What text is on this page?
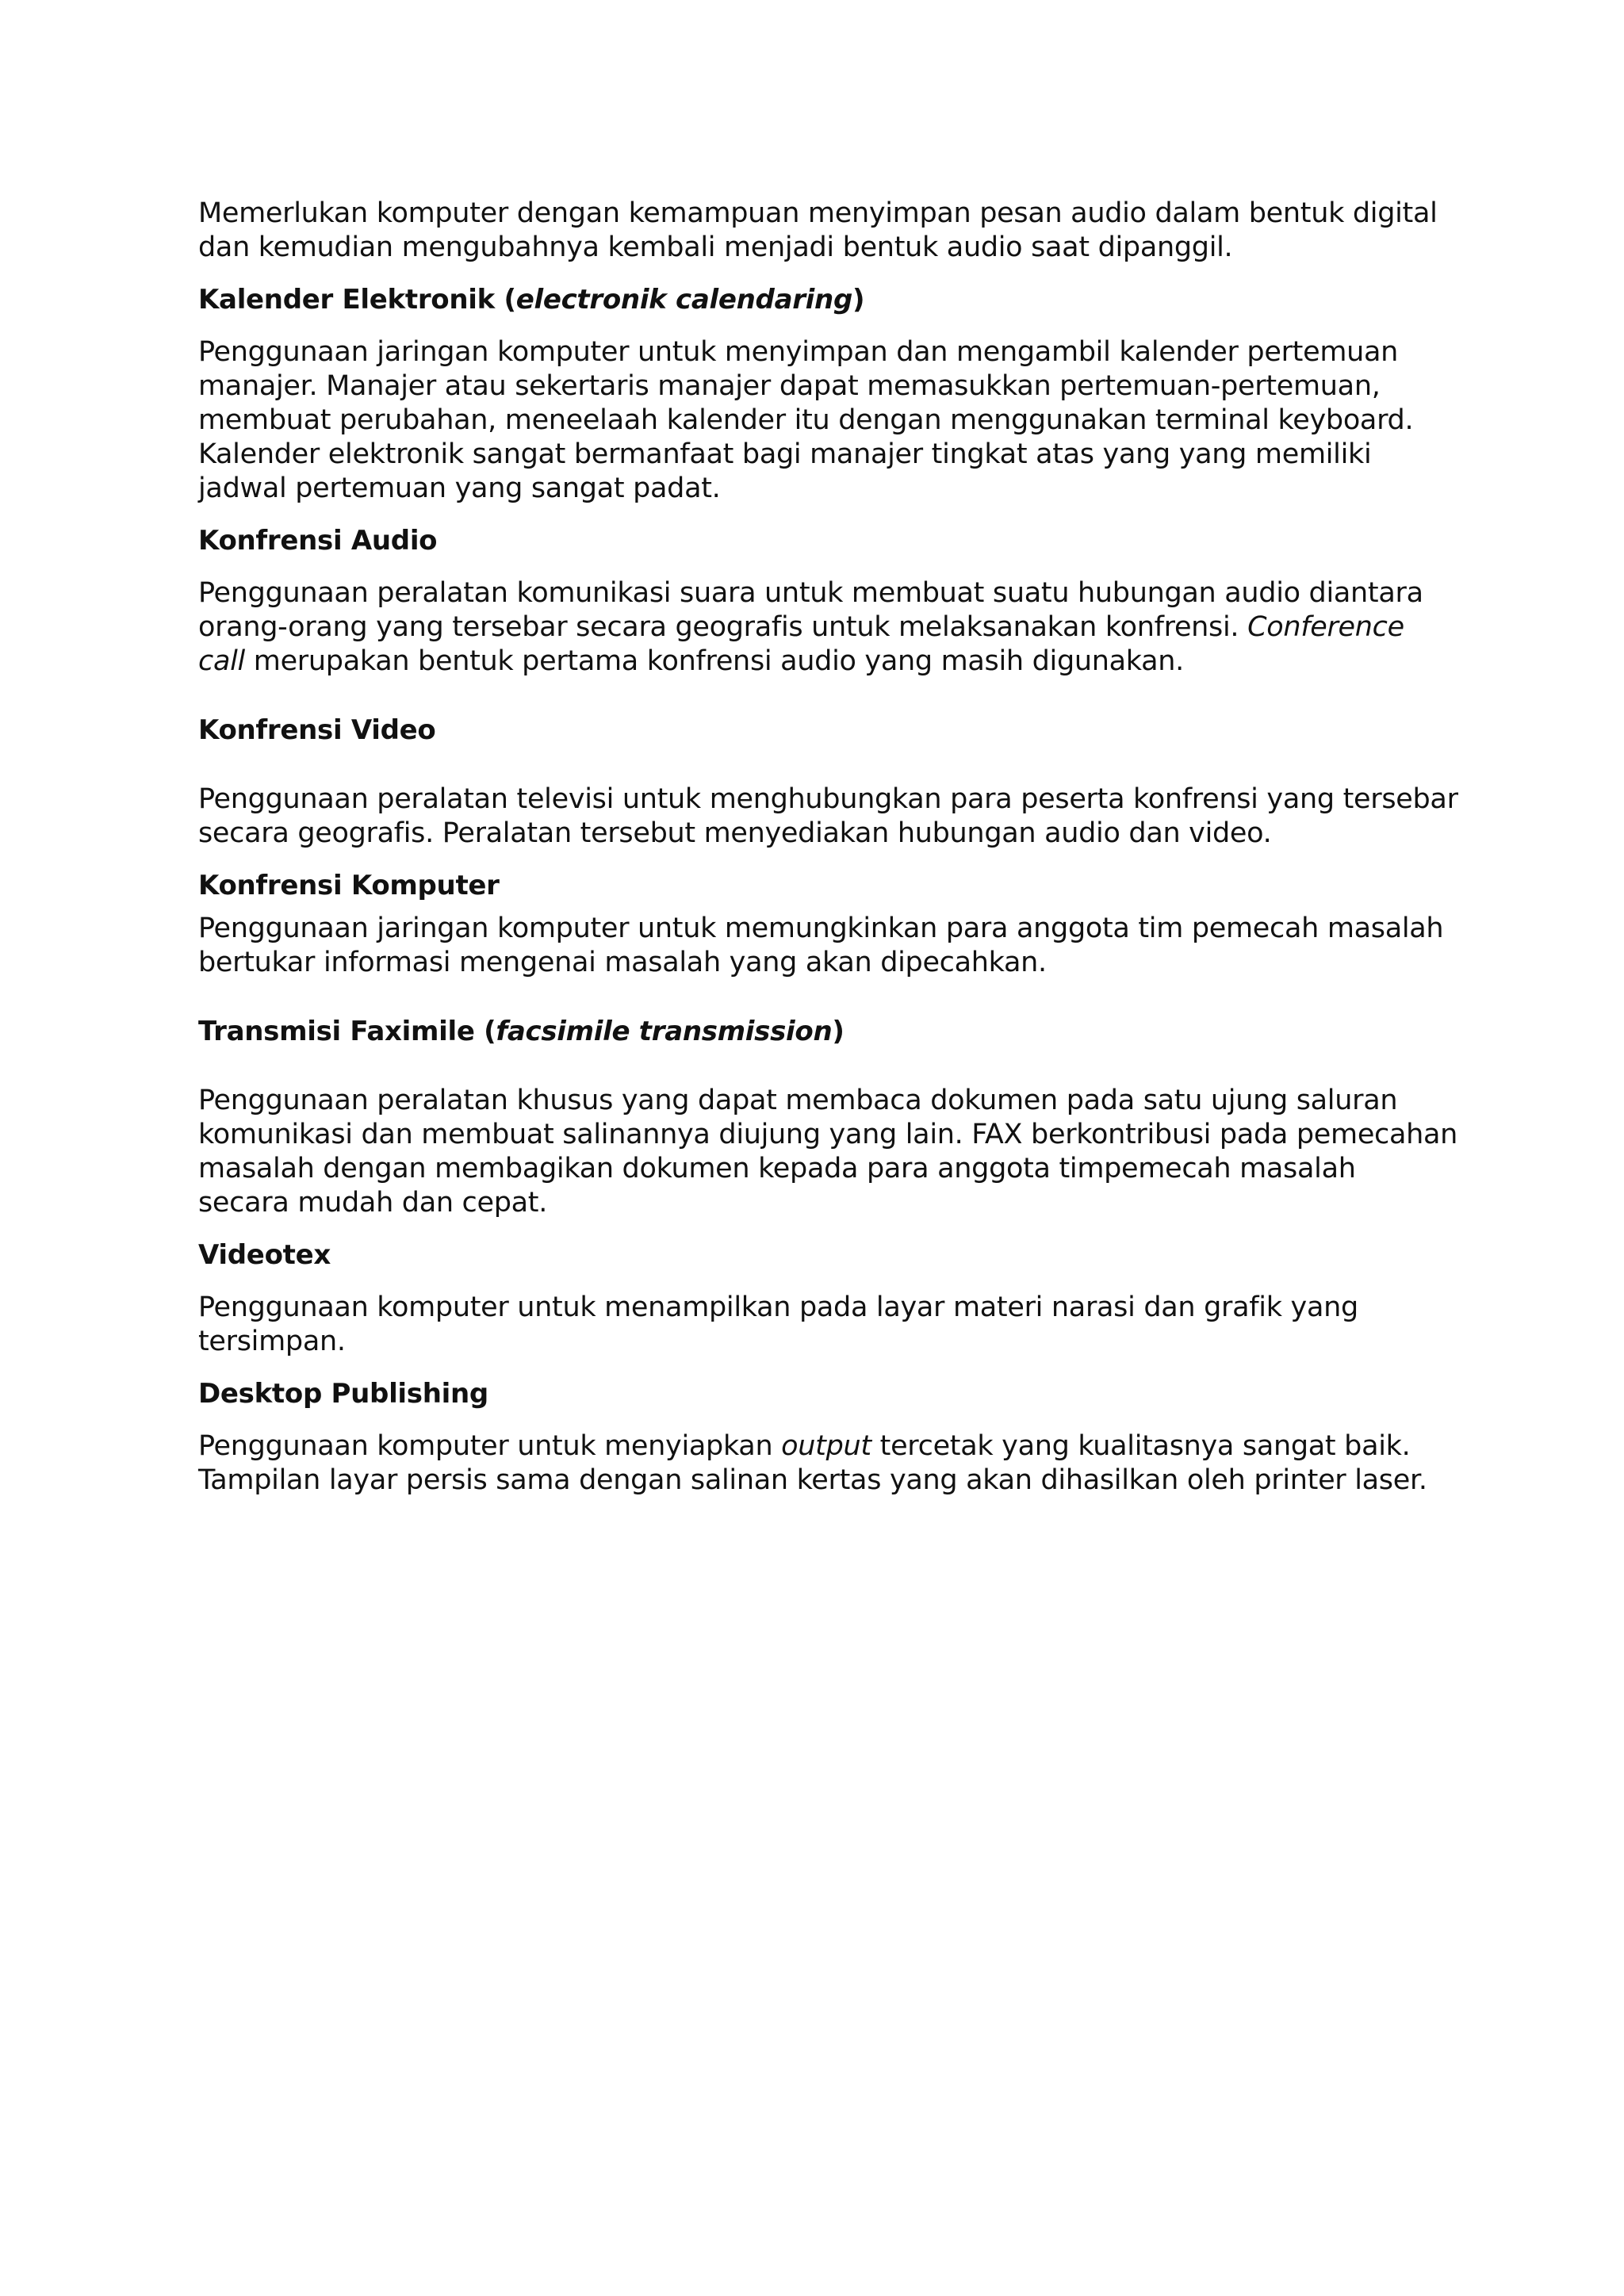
Memerlukan komputer dengan kemampuan menyimpan pesan audio dalam bentuk digital
dan kemudian mengubahnya kembali menjadi bentuk audio saat dipanggil.

Kalender Elektronik (electronik calendaring)

Penggunaan jaringan komputer untuk menyimpan dan mengambil kalender pertemuan
manajer. Manajer atau sekertaris manajer dapat memasukkan pertemuan-pertemuan,
membuat perubahan, meneelaah kalender itu dengan menggunakan terminal keyboard.
Kalender elektronik sangat bermanfaat bagi manajer tingkat atas yang yang memiliki
jadwal pertemuan yang sangat padat.

Konfrensi Audio

Penggunaan peralatan komunikasi suara untuk membuat suatu hubungan audio diantara
orang-orang yang tersebar secara geografis untuk melaksanakan konfrensi. Conference
call merupakan bentuk pertama konfrensi audio yang masih digunakan.

Konfrensi Video

Penggunaan peralatan televisi untuk menghubungkan para peserta konfrensi yang tersebar
secara geografis. Peralatan tersebut menyediakan hubungan audio dan video.

Konfrensi Komputer

Penggunaan jaringan komputer untuk memungkinkan para anggota tim pemecah masalah
bertukar informasi mengenai masalah yang akan dipecahkan.

Transmisi Faximile (facsimile transmission)

Penggunaan peralatan khusus yang dapat membaca dokumen pada satu ujung saluran
komunikasi dan membuat salinannya diujung yang lain. FAX berkontribusi pada pemecahan
masalah dengan membagikan dokumen kepada para anggota timpemecah masalah
secara mudah dan cepat.

Videotex

Penggunaan komputer untuk menampilkan pada layar materi narasi dan grafik yang
tersimpan.

Desktop Publishing

Penggunaan komputer untuk menyiapkan output tercetak yang kualitasnya sangat baik.
Tampilan layar persis sama dengan salinan kertas yang akan dihasilkan oleh printer laser.
